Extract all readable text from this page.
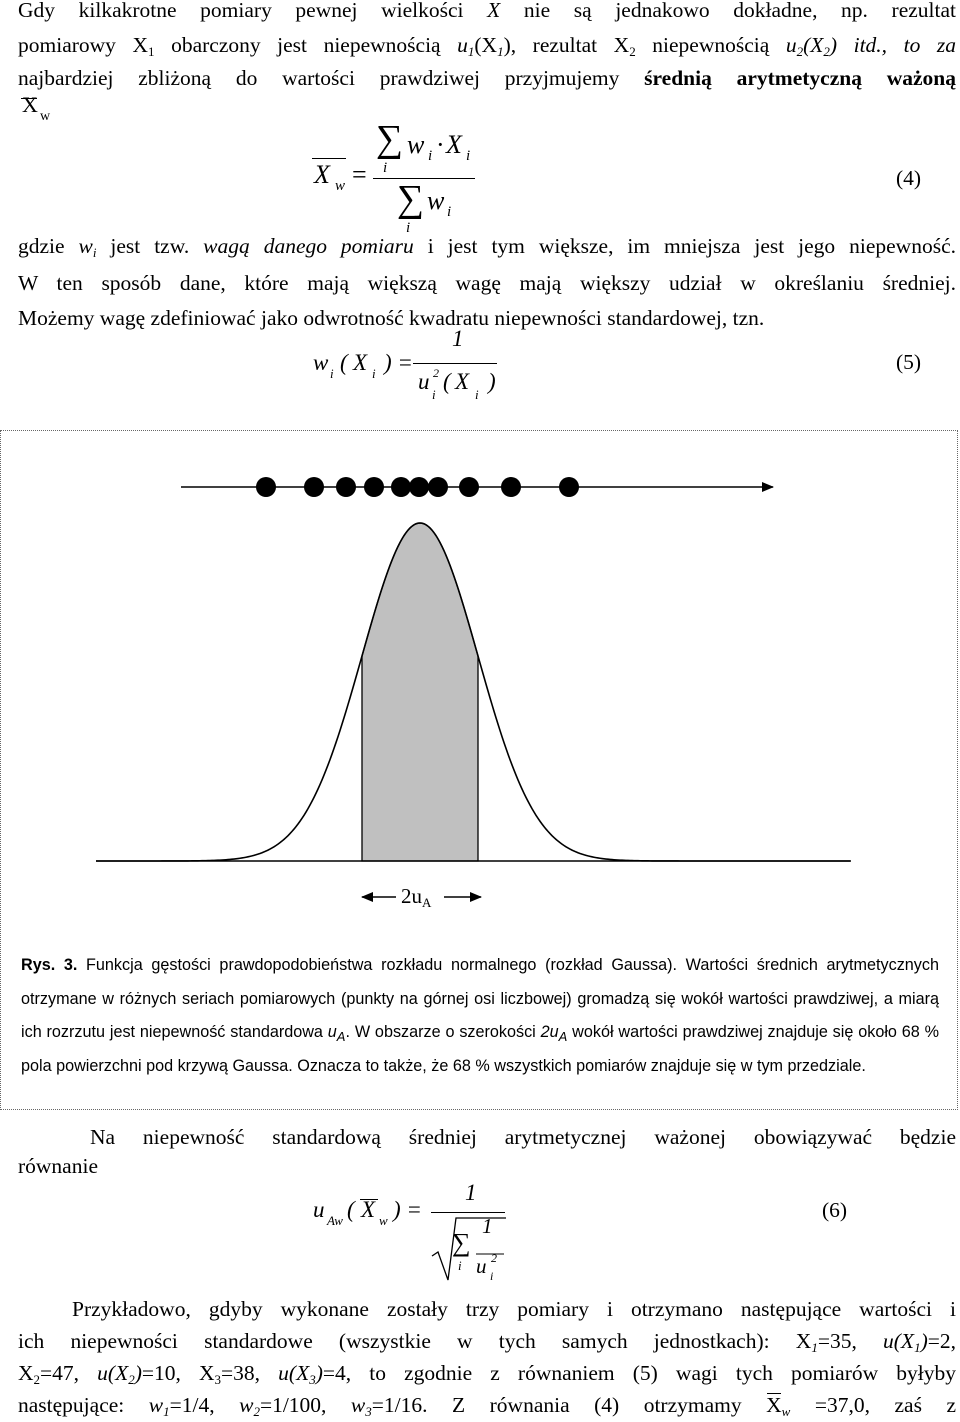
Gdy kilkakrotne pomiary pewnej wielkości X nie są jednakowo dokładne, np. rezultat
pomiarowy $X_1$ obarczony jest niepewnością $u_1(X_1)$, rezultat $X_2$ niepewnością $u_2(X_2)$ itd., to za
najbardziej zbliżoną do wartości prawdziwej przyjmujemy średnią arytmetyczną ważoną
X w
X w =
∑
i
w i · X i
∑
i
w i
(4)
gdzie $w_i$ jest tzw. wagą danego pomiaru i jest tym większe, im mniejsza jest jego niepewność.
W ten sposób dane, które mają większą wagę mają większy udział w określaniu średniej.
Możemy wagę zdefiniować jako odwrotność kwadratu niepewności standardowej, tzn.
w i ( X i ) =
1
u 2
i
( X
i
)
(5)
$2u_A$
Rys. 3. Funkcja gęstości prawdopodobieństwa rozkładu normalnego (rozkład Gaussa). Wartości średnich arytmetycznych otrzymane w różnych seriach pomiarowych (punkty na górnej osi liczbowej) gromadzą się wokół wartości prawdziwej, a miarą ich rozrzutu jest niepewność standardowa $u_A$. W obszarze o szerokości $2u_A$ wokół wartości prawdziwej znajduje się około 68 % pola powierzchni pod krzywą Gaussa. Oznacza to także, że 68 % wszystkich pomiarów znajduje się w tym przedziale.
Na niepewność standardową średniej arytmetycznej ważonej obowiązywać będzie
równanie
u Aw ( X w ) =
1
∑
i
1
u 2
i
(6)
Przykładowo, gdyby wykonane zostały trzy pomiary i otrzymano następujące wartości i
ich niepewności standardowe (wszystkie w tych samych jednostkach): $X_1=35$, $u(X_1)=2$,
$X_2=47$, $u(X_2)=10$, $X_3=38$, $u(X_3)=4$, to zgodnie z równaniem (5) wagi tych pomiarów byłyby
następujące: $w_1=1/4$, $w_2=1/100$, $w_3=1/16$. Z równania (4) otrzymamy
$X_w =37,0$, zaś z
